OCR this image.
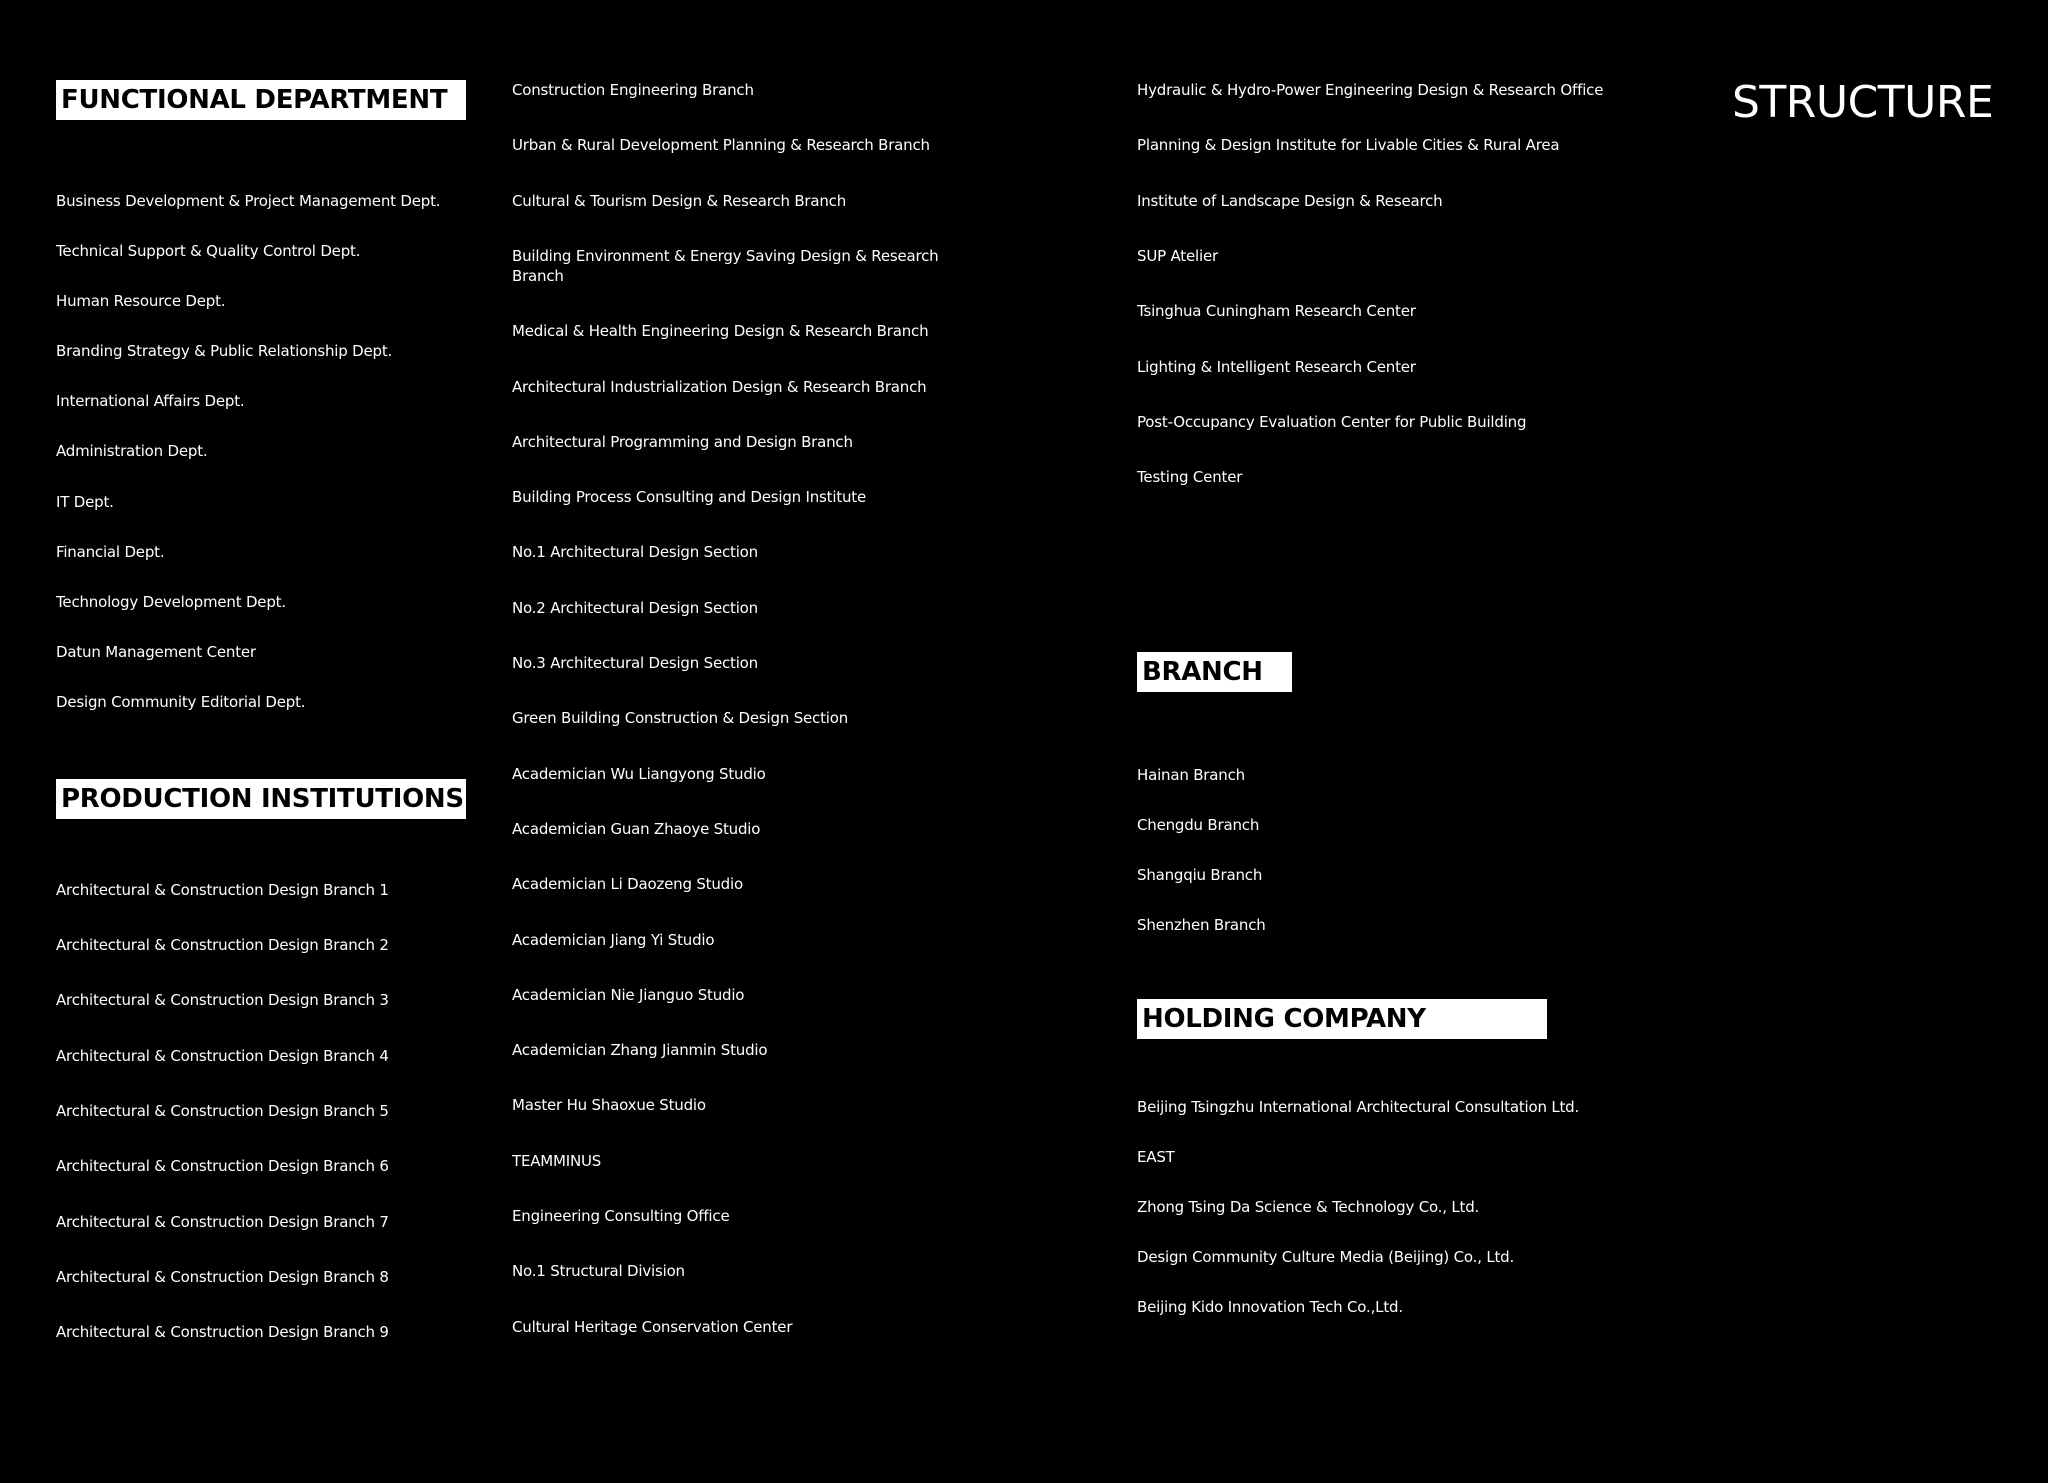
FUNCTIONAL DEPARTMENT
Business Development & Project Management Dept.
Technical Support & Quality Control Dept.
Human Resource Dept.
Branding Strategy & Public Relationship Dept.
International Affairs Dept.
Administration Dept.
IT Dept.
Financial Dept.
Technology Development Dept.
Datun Management Center
Design Community Editorial Dept.
PRODUCTION INSTITUTIONS
Architectural & Construction Design Branch 1
Architectural & Construction Design Branch 2
Architectural & Construction Design Branch 3
Architectural & Construction Design Branch 4
Architectural & Construction Design Branch 5
Architectural & Construction Design Branch 6
Architectural & Construction Design Branch 7
Architectural & Construction Design Branch 8
Architectural & Construction Design Branch 9
Construction Engineering Branch
Urban & Rural Development Planning & Research Branch
Cultural & Tourism Design & Research Branch
Building Environment & Energy Saving Design & Research Branch
Medical & Health Engineering Design & Research Branch
Architectural Industrialization Design & Research Branch
Architectural Programming and Design Branch
Building Process Consulting and Design Institute
No.1 Architectural Design Section
No.2 Architectural Design Section
No.3 Architectural Design Section
Green Building Construction & Design Section
Academician Wu Liangyong Studio
Academician Guan Zhaoye Studio
Academician Li Daozeng Studio
Academician Jiang Yi Studio
Academician Nie Jianguo Studio
Academician Zhang Jianmin Studio
Master Hu Shaoxue Studio
TEAMMINUS
Engineering Consulting Office
No.1 Structural Division
Cultural Heritage Conservation Center
Hydraulic & Hydro-Power Engineering Design & Research Office
Planning & Design Institute for Livable Cities & Rural Area
Institute of Landscape Design & Research
SUP Atelier
Tsinghua Cuningham Research Center
Lighting & Intelligent Research Center
Post-Occupancy Evaluation Center for Public Building
Testing Center
BRANCH
Hainan Branch
Chengdu Branch
Shangqiu Branch
Shenzhen Branch
HOLDING COMPANY
Beijing Tsingzhu International Architectural Consultation Ltd.
EAST
Zhong Tsing Da Science & Technology Co., Ltd.
Design Community Culture Media (Beijing) Co., Ltd.
Beijing Kido Innovation Tech Co.,Ltd.
STRUCTURE
